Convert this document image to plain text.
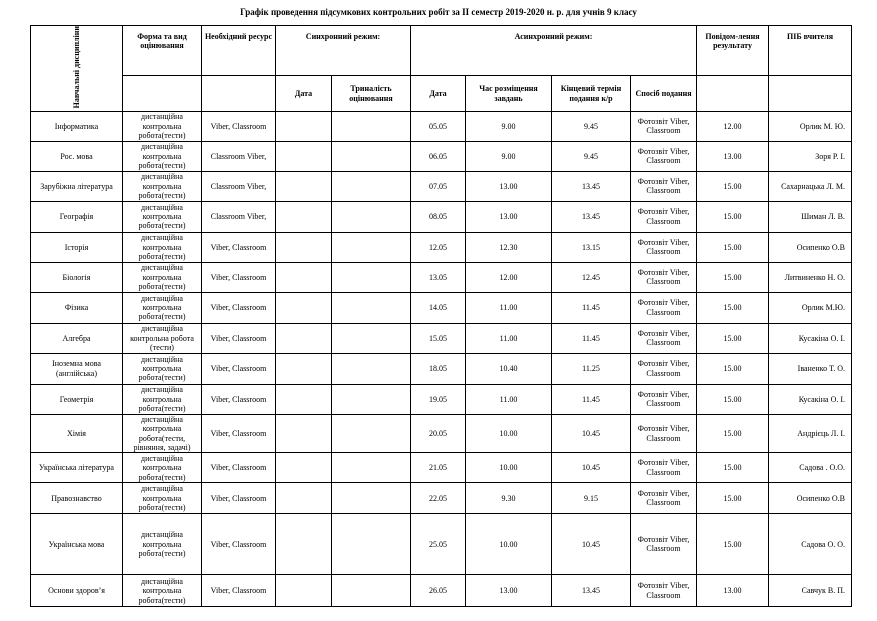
Графік проведення підсумкових контрольних робіт за ІІ семестр 2019-2020 н. р. для учнів 9 класу
Навчальні дисципліни	Форма та вид оцінювання	Необхідний ресурс	Синхронний режим:		Асинхронний режим:				Повідом-лення результату	ПІБ вчителя
			Дата	Триналість оцінювання	Дата	Час розміщення завдань	Кінцевий термін подання к/р	Спосіб подання		
Інформатика	дистанційна контрольна робота(тести)	Viber, Classroom			05.05	9.00	9.45	Фотозвіт Viber, Classroom	12.00	Орлик М. Ю.
Рос. мова	дистанційна контрольна робота(тести)	Classroom Viber,			06.05	9.00	9.45	Фотозвіт Viber, Classroom	13.00	Зоря Р. І.
Зарубіжна література	дистанційна контрольна робота(тести)	Classroom Viber,			07.05	13.00	13.45	Фотозвіт Viber, Classroom	15.00	Сахарнацька Л. М.
Географія	дистанційна контрольна робота(тести)	Classroom Viber,			08.05	13.00	13.45	Фотозвіт Viber, Classroom	15.00	Шиман Л. В.
Історія	дистанційна контрольна робота(тести)	Viber, Classroom			12.05	12.30	13.15	Фотозвіт Viber, Classroom	15.00	Осипенко О.В
Біологія	дистанційна контрольна робота(тести)	Viber, Classroom			13.05	12.00	12.45	Фотозвіт Viber, Classroom	15.00	Литвиненко Н. О.
Фізика	дистанційна контрольна робота(тести)	Viber, Classroom			14.05	11.00	11.45	Фотозвіт Viber, Classroom	15.00	Орлик М.Ю.
Алгебра	дистанційна контрольна робота (тести)	Viber, Classroom			15.05	11.00	11.45	Фотозвіт Viber, Classroom	15.00	Кусакіна О. І.
Іноземна мова (англійська)	дистанційна контрольна робота(тести)	Viber, Classroom			18.05	10.40	11.25	Фотозвіт Viber, Classroom	15.00	Іваненко Т. О.
Геометрія	дистанційна контрольна робота(тести)	Viber, Classroom			19.05	11.00	11.45	Фотозвіт Viber, Classroom	15.00	Кусакіна О. І.
Хімія	дистанційна контрольна робота(тести, рівняння, задачі)	Viber, Classroom			20.05	10.00	10.45	Фотозвіт Viber, Classroom	15.00	Андрієць Л. І.
Українська література	дистанційна контрольна робота(тести)	Viber, Classroom			21.05	10.00	10.45	Фотозвіт Viber, Classroom	15.00	Садова . О.О.
Правознавство	дистанційна контрольна робота(тести)	Viber, Classroom			22.05	9.30	9.15	Фотозвіт Viber, Classroom	15.00	Осипенко О.В
Українська мова	дистанційна контрольна робота(тести)	Viber, Classroom			25.05	10.00	10.45	Фотозвіт Viber, Classroom	15.00	Садова О. О.
Основи здоров’я	дистанційна контрольна робота(тести)	Viber, Classroom			26.05	13.00	13.45	Фотозвіт Viber, Classroom	13.00	Савчук В. П.
